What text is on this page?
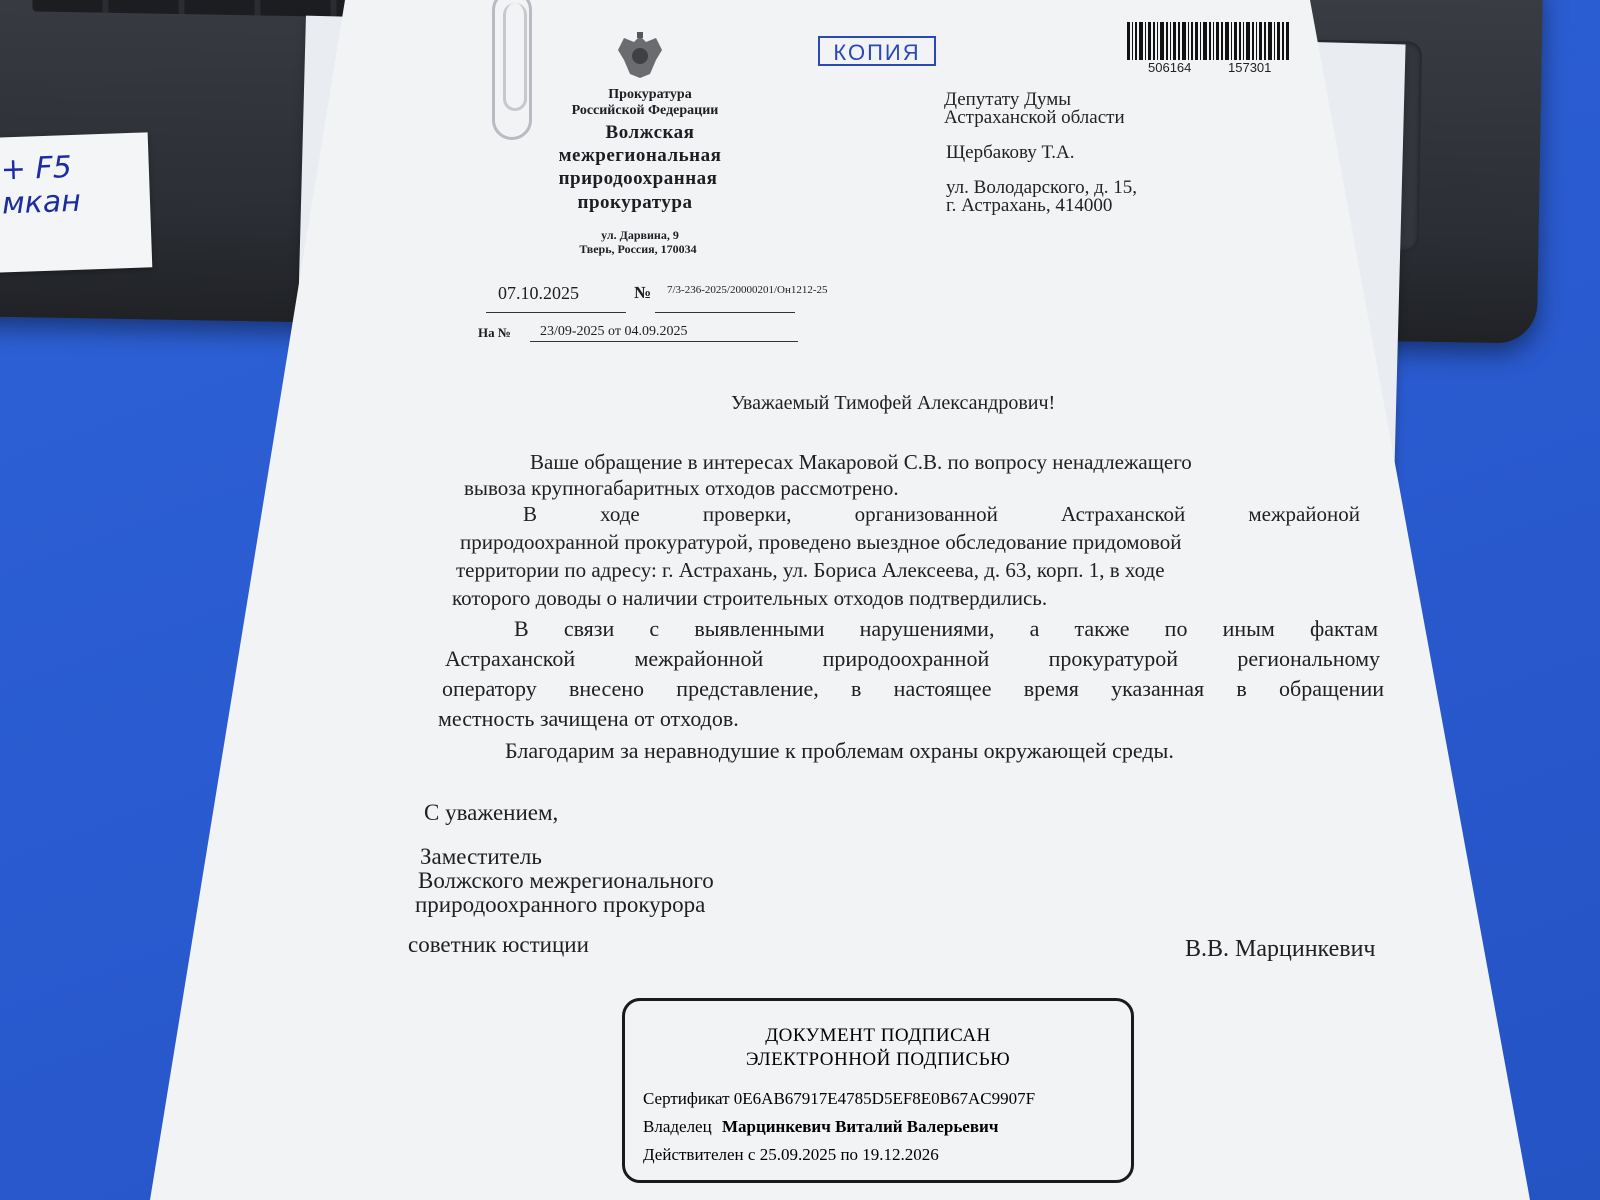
+ F5
мкан
КОПИЯ
506164	157301
Прокуратура
Российской Федерации
Волжская
межрегиональная
природоохранная
прокуратура
ул. Дарвина, 9
Тверь, Россия, 170034
Депутату Думы
Астраханской области
Щербакову Т.А.
ул. Володарского, д. 15,
г. Астрахань, 414000
07.10.2025	№ 7/3-236-2025/20000201/Он1212-25
На № 23/09-2025 от 04.09.2025
Уважаемый Тимофей Александрович!
Ваше обращение в интересах Макаровой С.В. по вопросу ненадлежащего
вывоза крупногабаритных отходов рассмотрено.
В ходе проверки, организованной Астраханской межрайоной
природоохранной прокуратурой, проведено выездное обследование придомовой
территории по адресу: г. Астрахань, ул. Бориса Алексеева, д. 63, корп. 1, в ходе
которого доводы о наличии строительных отходов подтвердились.
В связи с выявленными нарушениями, а также по иным фактам
Астраханской межрайонной природоохранной прокуратурой региональному
оператору внесено представление, в настоящее время указанная в обращении
местность зачищена от отходов.
Благодарим за неравнодушие к проблемам охраны окружающей среды.
С уважением,
Заместитель
Волжского межрегионального
природоохранного прокурора
советник юстиции	В.В. Марцинкевич
ДОКУМЕНТ ПОДПИСАН
ЭЛЕКТРОННОЙ ПОДПИСЬЮ
Сертификат 0E6AB67917E4785D5EF8E0B67AC9907F
Владелец Марцинкевич Виталий Валерьевич
Действителен с 25.09.2025 по 19.12.2026
